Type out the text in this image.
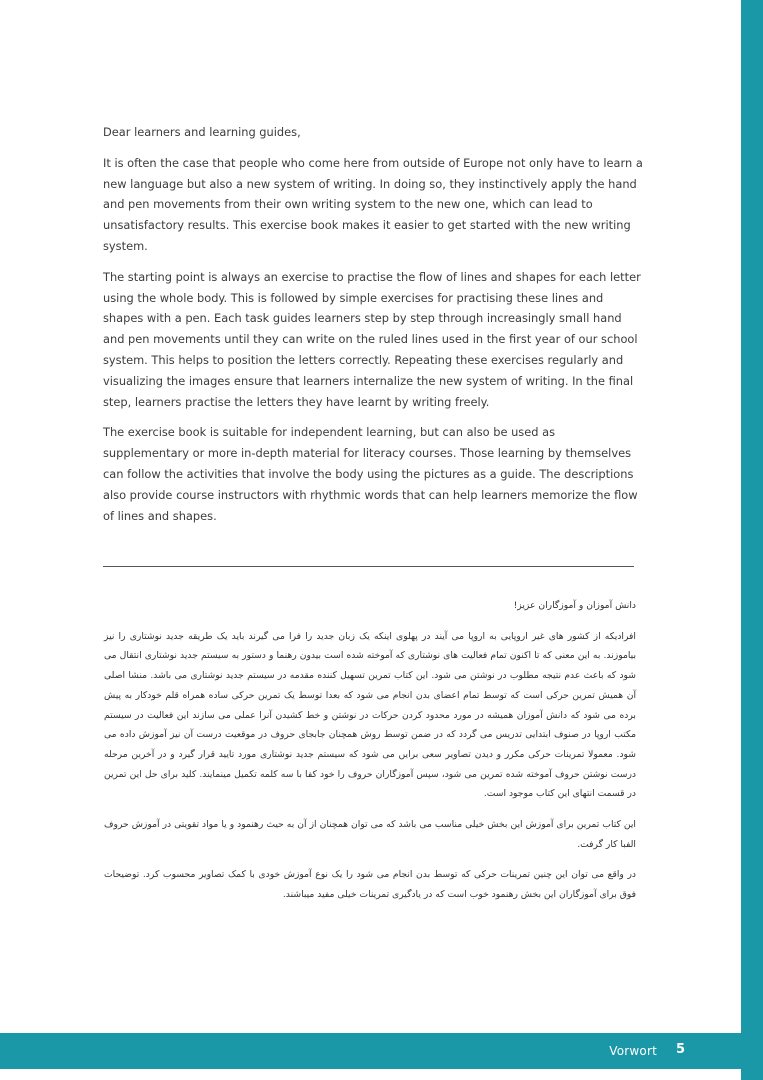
Dear learners and learning guides,

It is often the case that people who come here from outside of Europe not only have to learn a new language but also a new system of writing. In doing so, they instinctively apply the hand and pen movements from their own writing system to the new one, which can lead to unsatisfactory results. This exercise book makes it easier to get started with the new writing system.

The starting point is always an exercise to practise the flow of lines and shapes for each letter using the whole body. This is followed by simple exercises for practising these lines and shapes with a pen. Each task guides learners step by step through increasingly small hand and pen movements until they can write on the ruled lines used in the first year of our school system. This helps to position the letters correctly. Repeating these exercises regularly and visualizing the images ensure that learners internalize the new system of writing. In the final step, learners practise the letters they have learnt by writing freely.

The exercise book is suitable for independent learning, but can also be used as supplementary or more in-depth material for literacy courses. Those learning by themselves can follow the activities that involve the body using the pictures as a guide. The descriptions also provide course instructors with rhythmic words that can help learners memorize the flow of lines and shapes.

دانش آموزان و آموزگاران عزیز!

افرادیکه از کشور های غیر اروپایی به اروپا می آیند در پهلوی اینکه یک زبان جدید را فرا می گیرند باید یک طریقه جدید نوشتاری را نیز بیاموزند. به این معنی که تا اکنون تمام فعالیت های نوشتاری که آموخته شده است بیدون رهنما و دستور به سیستم جدید نوشتاری انتقال می شود که باعث عدم نتیجه مطلوب در نوشتن می شود. این کتاب تمرین تسهیل کننده مقدمه در سیستم جدید نوشتاری می باشد. منشا اصلی آن همیش تمرین حرکی است که توسط تمام اعضای بدن انجام می شود که بعدا توسط یک تمرین حرکی ساده همراه قلم خودکار به پیش برده می شود که دانش آموزان همیشه در مورد محدود کردن حرکات در نوشتن و خط کشیدن آنرا عملی می سازند این فعالیت در سیستم مکتب اروپا در صنوف ابتدایی تدریس می گردد که در ضمن توسط روش همچنان جابجای حروف در موقعیت درست آن نیز آموزش داده می شود. معمولا تمرینات حرکی مکرر و دیدن تصاویر سعی برایں می شود که سیستم جدید نوشتاری مورد تایید قرار گیرد و در آخرین مرحله درست نوشتن حروف آموخته شده تمرین می شود، سپس آموزگاران حروف را خود کفا با سه کلمه تکمیل مینمایند. کلید برای حل این تمرین در قسمت انتهای این کتاب موجود است.

این کتاب تمرین برای آموزش این بخش خیلی مناسب می باشد که می توان همچنان از آن به حیث رهنمود و یا مواد تقویتی در آموزش حروف الفبا کار گرفت.

در واقع می توان این چنین تمرینات حرکی که توسط بدن انجام می شود را یک نوع آموزش خودی با کمک تصاویر محسوب کرد. توضیحات فوق برای آموزگاران این بخش رهنمود خوب است که در یادگیری تمرینات خیلی مفید میباشند.

Vorwort 5
